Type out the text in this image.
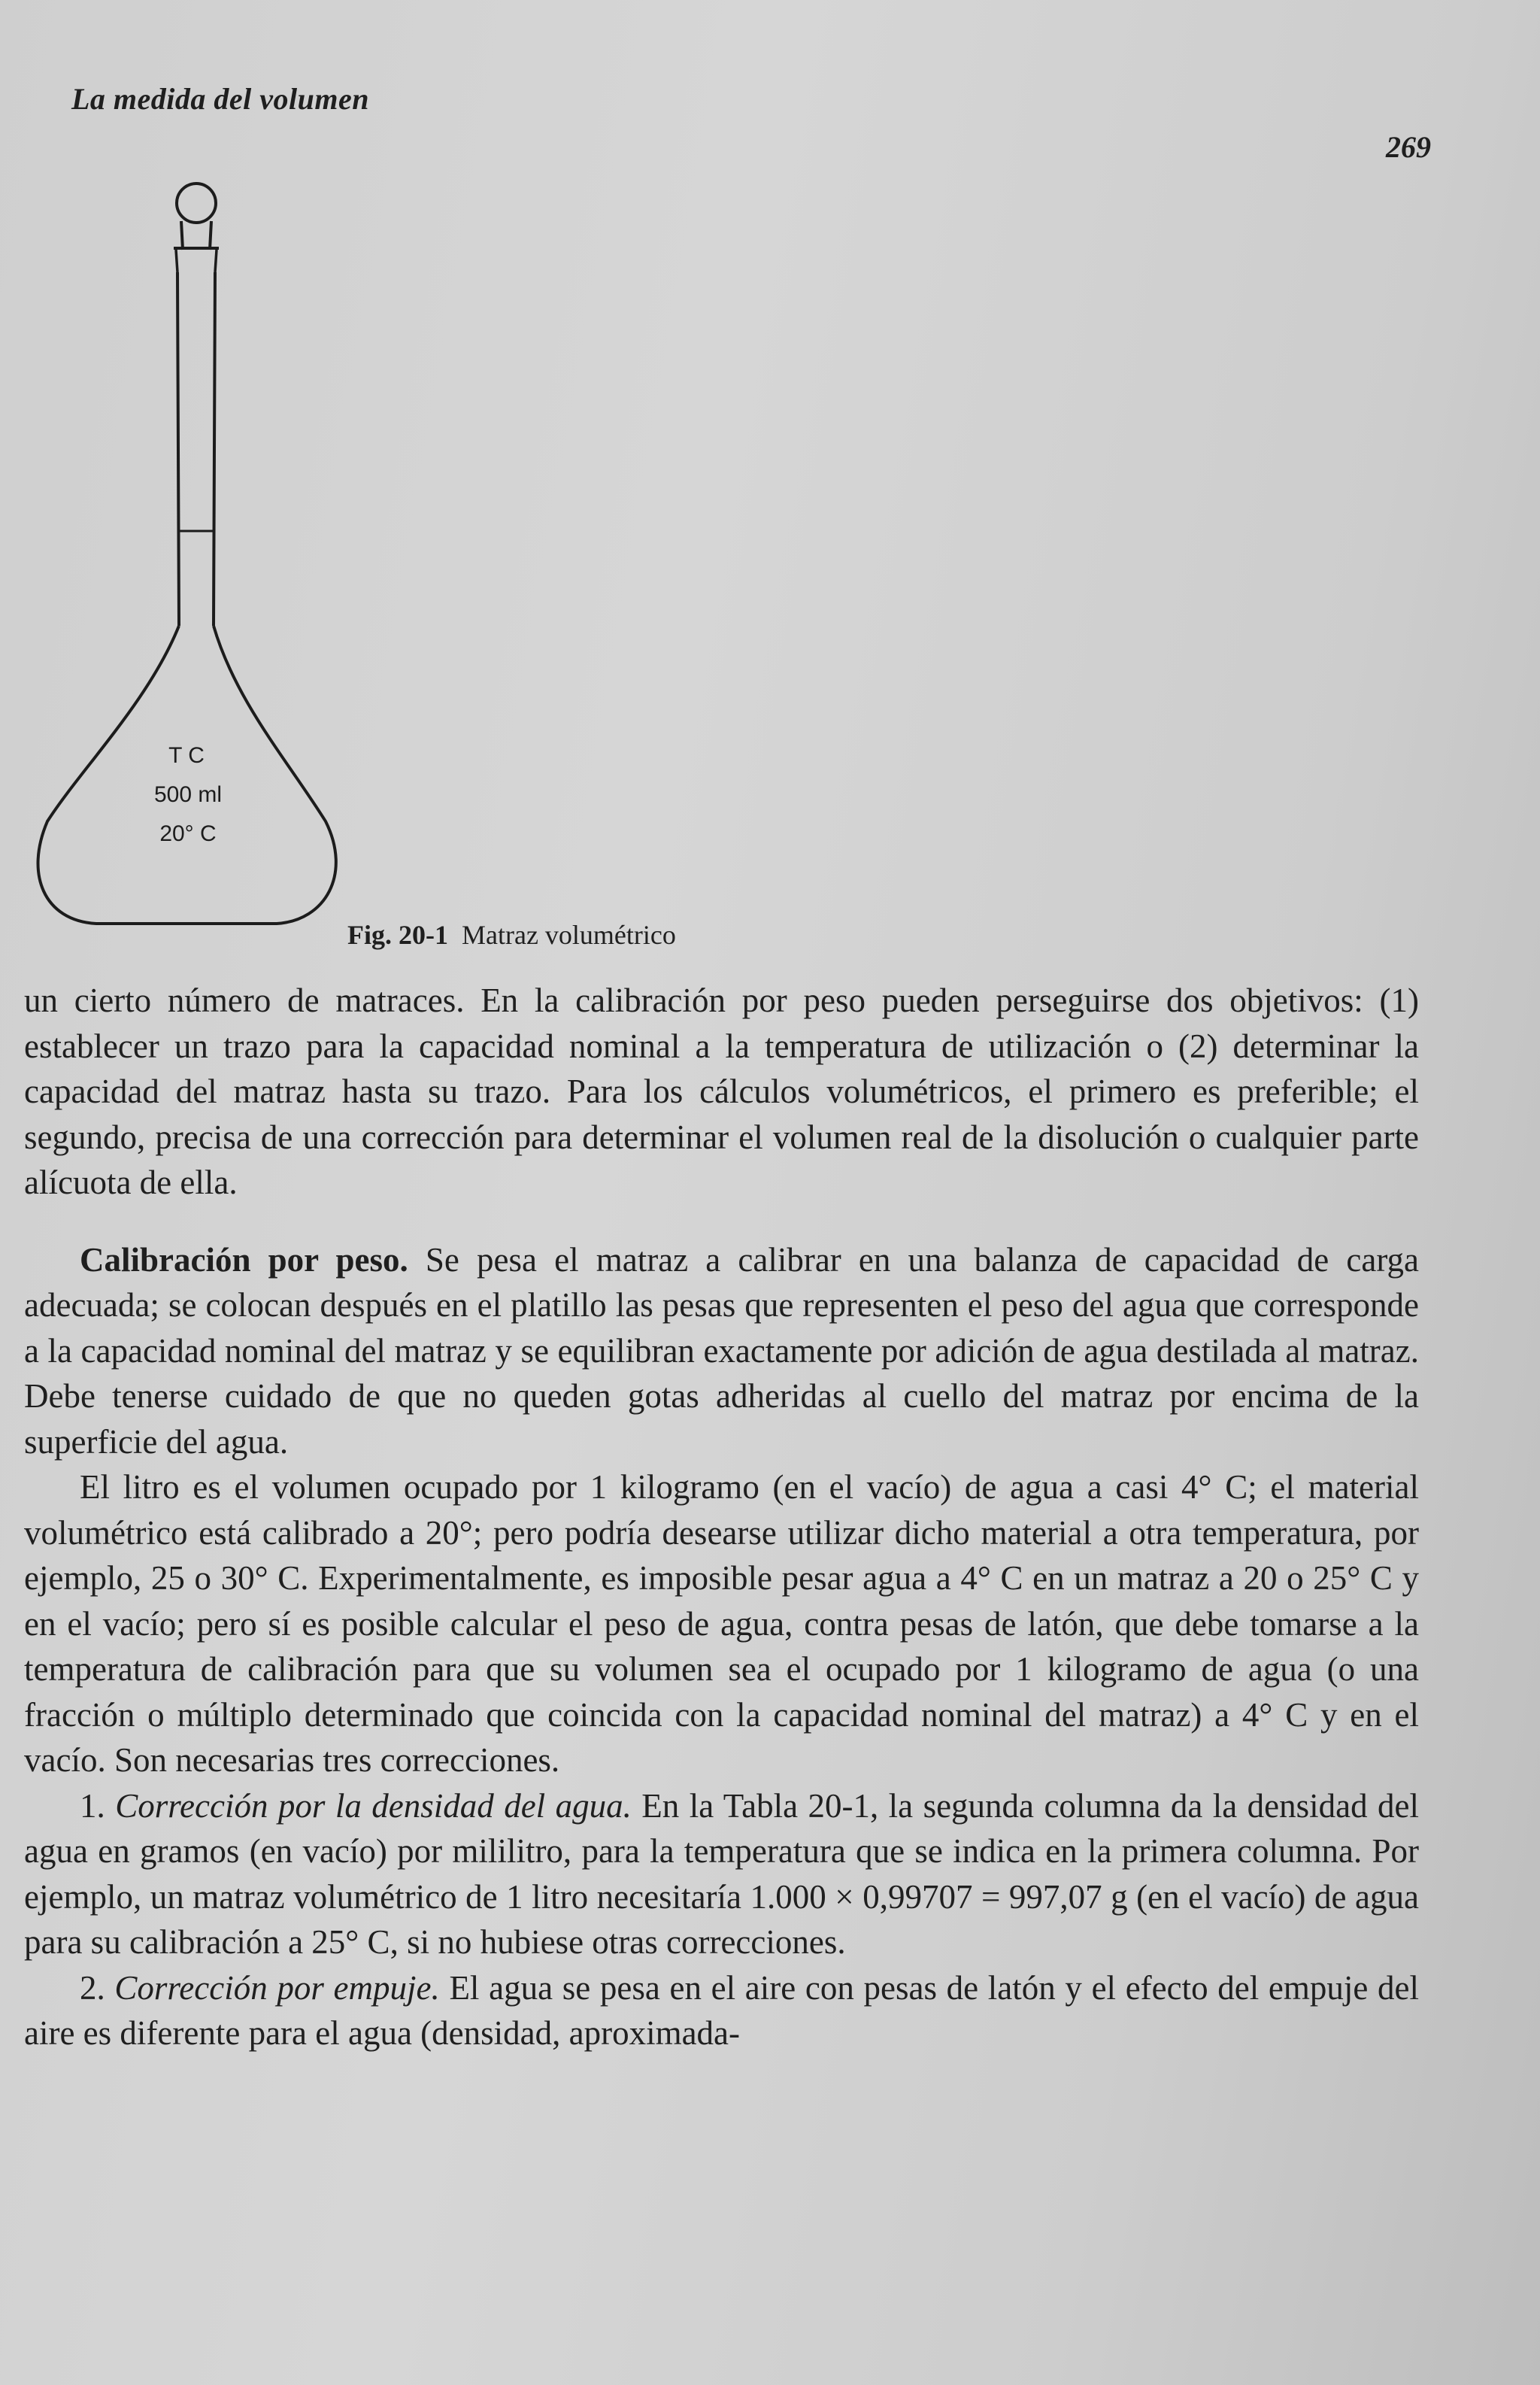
La medida del volumen
269
T C
500 ml
20° C
Fig. 20-1 Matraz volumétrico

un cierto número de matraces. En la calibración por peso pueden perseguirse dos objetivos: (1) establecer un trazo para la capacidad nominal a la temperatura de utilización o (2) determinar la capacidad del matraz hasta su trazo. Para los cálculos volumétricos, el primero es preferible; el segundo, precisa de una corrección para determinar el volumen real de la disolución o cualquier parte alícuota de ella.

Calibración por peso. Se pesa el matraz a calibrar en una balanza de capacidad de carga adecuada; se colocan después en el platillo las pesas que representen el peso del agua que corresponde a la capacidad nominal del matraz y se equilibran exactamente por adición de agua destilada al matraz. Debe tenerse cuidado de que no queden gotas adheridas al cuello del matraz por encima de la superficie del agua.

El litro es el volumen ocupado por 1 kilogramo (en el vacío) de agua a casi 4° C; el material volumétrico está calibrado a 20°; pero podría desearse utilizar dicho material a otra temperatura, por ejemplo, 25 o 30° C. Experimentalmente, es imposible pesar agua a 4° C en un matraz a 20 o 25° C y en el vacío; pero sí es posible calcular el peso de agua, contra pesas de latón, que debe tomarse a la temperatura de calibración para que su volumen sea el ocupado por 1 kilogramo de agua (o una fracción o múltiplo determinado que coincida con la capacidad nominal del matraz) a 4° C y en el vacío. Son necesarias tres correcciones.

1. Corrección por la densidad del agua. En la Tabla 20-1, la segunda columna da la densidad del agua en gramos (en vacío) por mililitro, para la temperatura que se indica en la primera columna. Por ejemplo, un matraz volumétrico de 1 litro necesitaría 1.000 × 0,99707 = 997,07 g (en el vacío) de agua para su calibración a 25° C, si no hubiese otras correcciones.

2. Corrección por empuje. El agua se pesa en el aire con pesas de latón y el efecto del empuje del aire es diferente para el agua (densidad, aproximada-
